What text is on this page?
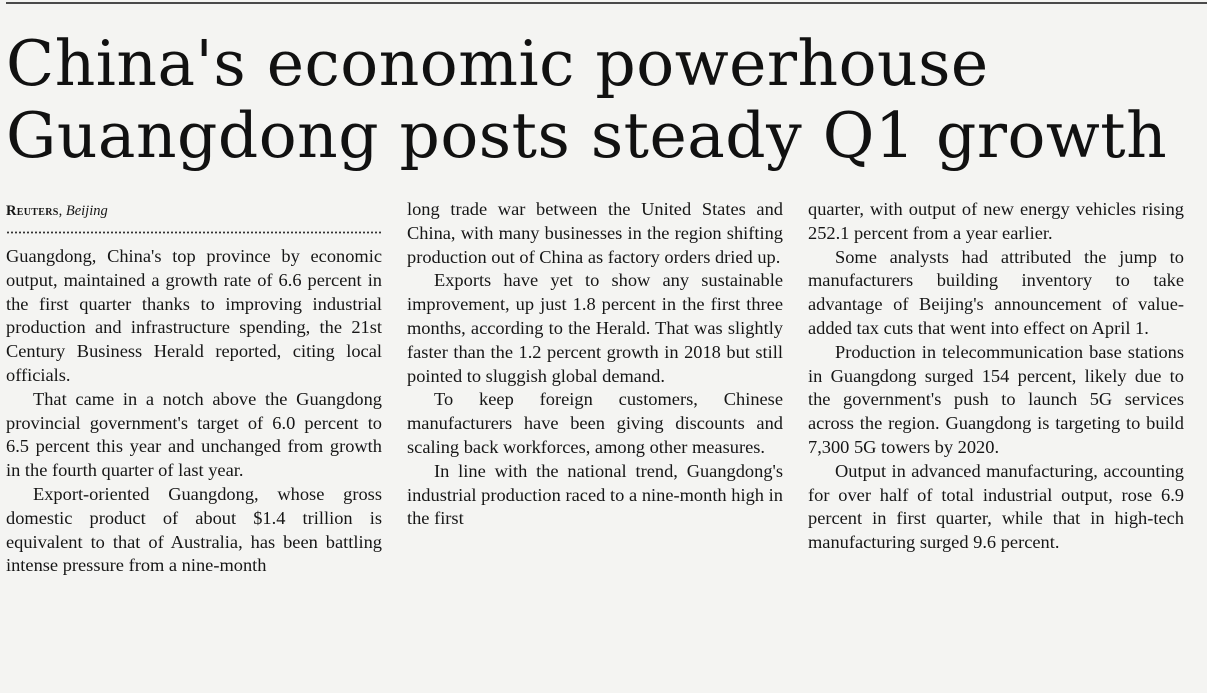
China's economic powerhouse
Guangdong posts steady Q1 growth
Reuters, Beijing

Guangdong, China's top province by economic output, maintained a growth rate of 6.6 percent in the first quarter thanks to improving industrial production and infrastructure spending, the 21st Century Business Herald reported, citing local officials.

That came in a notch above the Guangdong provincial government's target of 6.0 percent to 6.5 percent this year and unchanged from growth in the fourth quarter of last year.

Export-oriented Guangdong, whose gross domestic product of about $1.4 trillion is equivalent to that of Australia, has been battling intense pressure from a nine-month

long trade war between the United States and China, with many businesses in the region shifting production out of China as factory orders dried up.

Exports have yet to show any sustainable improvement, up just 1.8 percent in the first three months, according to the Herald. That was slightly faster than the 1.2 percent growth in 2018 but still pointed to sluggish global demand.

To keep foreign customers, Chinese manufacturers have been giving discounts and scaling back workforces, among other measures.

In line with the national trend, Guangdong's industrial production raced to a nine-month high in the first

quarter, with output of new energy vehicles rising 252.1 percent from a year earlier.

Some analysts had attributed the jump to manufacturers building inventory to take advantage of Beijing's announcement of value-added tax cuts that went into effect on April 1.

Production in telecommunication base stations in Guangdong surged 154 percent, likely due to the government's push to launch 5G services across the region. Guangdong is targeting to build 7,300 5G towers by 2020.

Output in advanced manufacturing, accounting for over half of total industrial output, rose 6.9 percent in first quarter, while that in high-tech manufacturing surged 9.6 percent.
